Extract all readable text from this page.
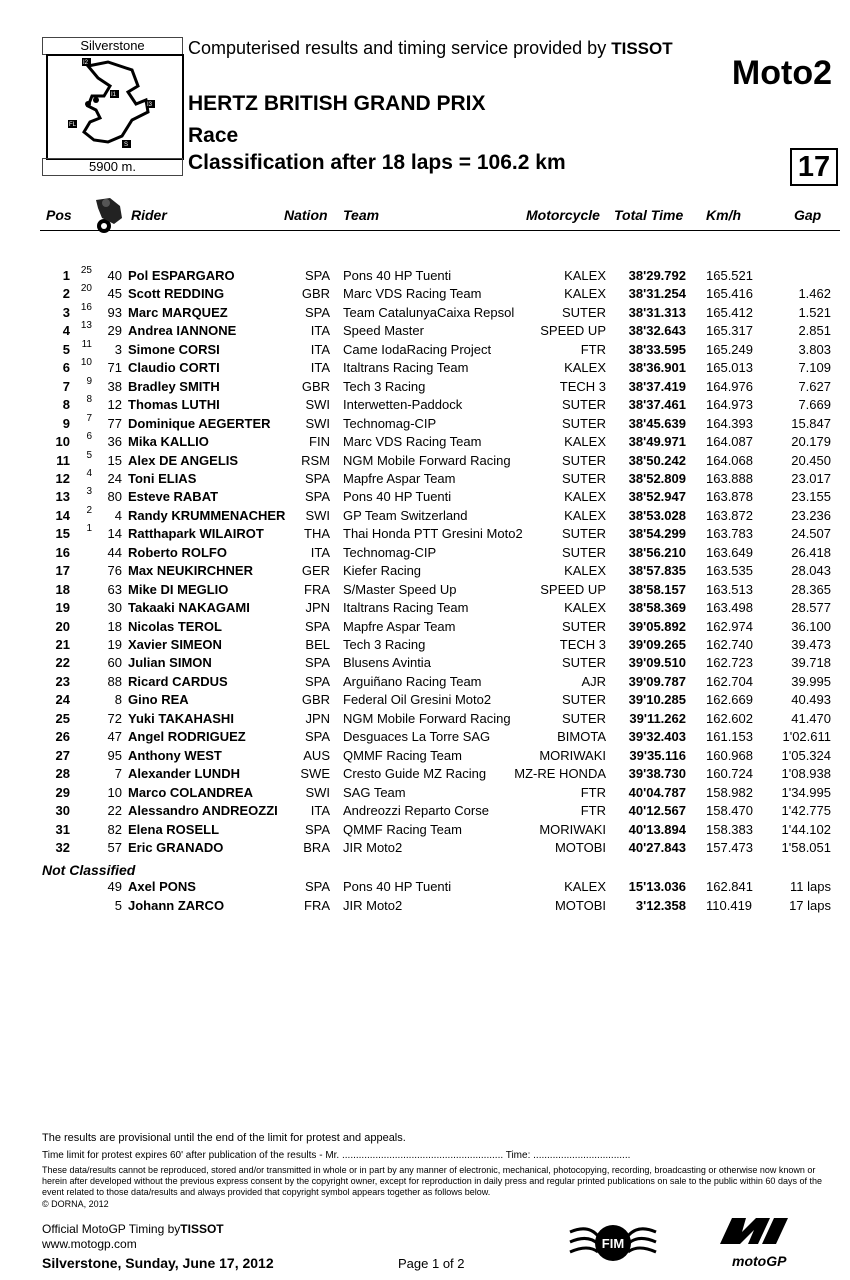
Silverstone
I2
I1
I3
FL
S
5900 m.
Computerised results and timing service provided by TISSOT
Moto2
HERTZ BRITISH GRAND PRIX
Race
Classification after 18 laps = 106.2 km	17
Pos	Rider	Nation Team	Motorcycle Total Time Km/h	Gap
1	25	40 Pol ESPARGARO	SPA Pons 40 HP Tuenti	KALEX	38'29.792 165.521
2	20	45 Scott REDDING	GBR Marc VDS Racing Team	KALEX	38'31.254 165.416	1.462
3	16	93 Marc MARQUEZ	SPA Team CatalunyaCaixa Repsol	SUTER	38'31.313 165.412	1.521
4	13	29 Andrea IANNONE	ITA Speed Master	SPEED UP	38'32.643 165.317	2.851
5	11	3 Simone CORSI	ITA Came IodaRacing Project	FTR	38'33.595 165.249	3.803
6	10	71 Claudio CORTI	ITA Italtrans Racing Team	KALEX	38'36.901 165.013	7.109
7	9	38 Bradley SMITH	GBR Tech 3 Racing	TECH 3	38'37.419 164.976	7.627
8	8	12 Thomas LUTHI	SWI Interwetten-Paddock	SUTER	38'37.461 164.973	7.669
9	7	77 Dominique AEGERTER	SWI Technomag-CIP	SUTER	38'45.639 164.393	15.847
10	6	36 Mika KALLIO	FIN Marc VDS Racing Team	KALEX	38'49.971 164.087	20.179
11	5	15 Alex DE ANGELIS	RSM NGM Mobile Forward Racing	SUTER	38'50.242 164.068	20.450
12	4	24 Toni ELIAS	SPA Mapfre Aspar Team	SUTER	38'52.809 163.888	23.017
13	3	80 Esteve RABAT	SPA Pons 40 HP Tuenti	KALEX	38'52.947 163.878	23.155
14	2	4 Randy KRUMMENACHER	SWI GP Team Switzerland	KALEX	38'53.028 163.872	23.236
15	1	14 Ratthapark WILAIROT	THA Thai Honda PTT Gresini Moto2	SUTER	38'54.299 163.783	24.507
16	44 Roberto ROLFO	ITA Technomag-CIP	SUTER	38'56.210 163.649	26.418
17	76 Max NEUKIRCHNER	GER Kiefer Racing	KALEX	38'57.835 163.535	28.043
18	63 Mike DI MEGLIO	FRA S/Master Speed Up	SPEED UP	38'58.157 163.513	28.365
19	30 Takaaki NAKAGAMI	JPN Italtrans Racing Team	KALEX	38'58.369 163.498	28.577
20	18 Nicolas TEROL	SPA Mapfre Aspar Team	SUTER	39'05.892 162.974	36.100
21	19 Xavier SIMEON	BEL Tech 3 Racing	TECH 3	39'09.265 162.740	39.473
22	60 Julian SIMON	SPA Blusens Avintia	SUTER	39'09.510 162.723	39.718
23	88 Ricard CARDUS	SPA Arguiñano Racing Team	AJR	39'09.787 162.704	39.995
24	8 Gino REA	GBR Federal Oil Gresini Moto2	SUTER	39'10.285 162.669	40.493
25	72 Yuki TAKAHASHI	JPN NGM Mobile Forward Racing	SUTER	39'11.262 162.602	41.470
26	47 Angel RODRIGUEZ	SPA Desguaces La Torre SAG	BIMOTA	39'32.403 161.153	1'02.611
27	95 Anthony WEST	AUS QMMF Racing Team	MORIWAKI	39'35.116 160.968	1'05.324
28	7 Alexander LUNDH	SWE Cresto Guide MZ Racing	MZ-RE HONDA	39'38.730 160.724	1'08.938
29	10 Marco COLANDREA	SWI SAG Team	FTR	40'04.787 158.982	1'34.995
30	22 Alessandro ANDREOZZI	ITA Andreozzi Reparto Corse	FTR	40'12.567 158.470	1'42.775
31	82 Elena ROSELL	SPA QMMF Racing Team	MORIWAKI	40'13.894 158.383	1'44.102
32	57 Eric GRANADO	BRA JIR Moto2	MOTOBI	40'27.843 157.473	1'58.051
49 Axel PONS	SPA Pons 40 HP Tuenti	KALEX	15'13.036 162.841	11 laps
5 Johann ZARCO	FRA JIR Moto2	MOTOBI	3'12.358 110.419	17 laps
Not Classified
The results are provisional until the end of the limit for protest and appeals.
Time limit for protest expires 60' after publication of the results - Mr. .......................................................... Time: ...................................
These data/results cannot be reproduced, stored and/or transmitted in whole or in part by any manner of electronic, mechanical, photocopying, recording, broadcasting or otherwise now known or herein after developed without the previous express consent by the copyright owner, except for reproduction in daily press and regular printed publications on sale to the public within 60 days of the event related to those data/results and always provided that copyright symbol appears together as follows below.
© DORNA, 2012
Official MotoGP Timing byTISSOT
www.motogp.com
Silverstone, Sunday, June 17, 2012	Page 1 of 2
FIM
motoGP
